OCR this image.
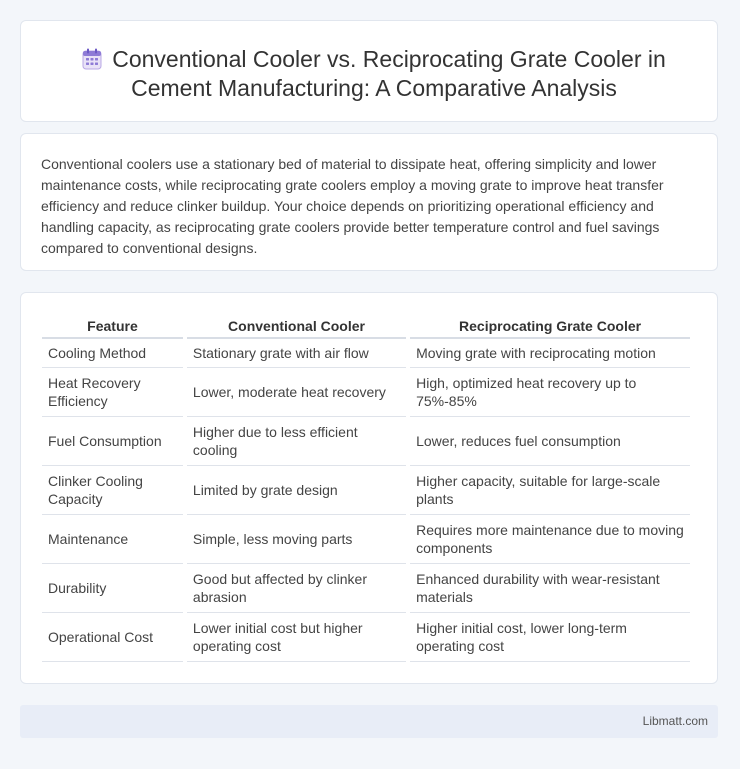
Conventional Cooler vs. Reciprocating Grate Cooler in Cement Manufacturing: A Comparative Analysis
Conventional coolers use a stationary bed of material to dissipate heat, offering simplicity and lower maintenance costs, while reciprocating grate coolers employ a moving grate to improve heat transfer efficiency and reduce clinker buildup. Your choice depends on prioritizing operational efficiency and handling capacity, as reciprocating grate coolers provide better temperature control and fuel savings compared to conventional designs.
Feature	Conventional Cooler	Reciprocating Grate Cooler
Cooling Method	Stationary grate with air flow	Moving grate with reciprocating motion
Heat Recovery Efficiency	Lower, moderate heat recovery	High, optimized heat recovery up to 75%-85%
Fuel Consumption	Higher due to less efficient cooling	Lower, reduces fuel consumption
Clinker Cooling Capacity	Limited by grate design	Higher capacity, suitable for large-scale plants
Maintenance	Simple, less moving parts	Requires more maintenance due to moving components
Durability	Good but affected by clinker abrasion	Enhanced durability with wear-resistant materials
Operational Cost	Lower initial cost but higher operating cost	Higher initial cost, lower long-term operating cost
Libmatt.com
